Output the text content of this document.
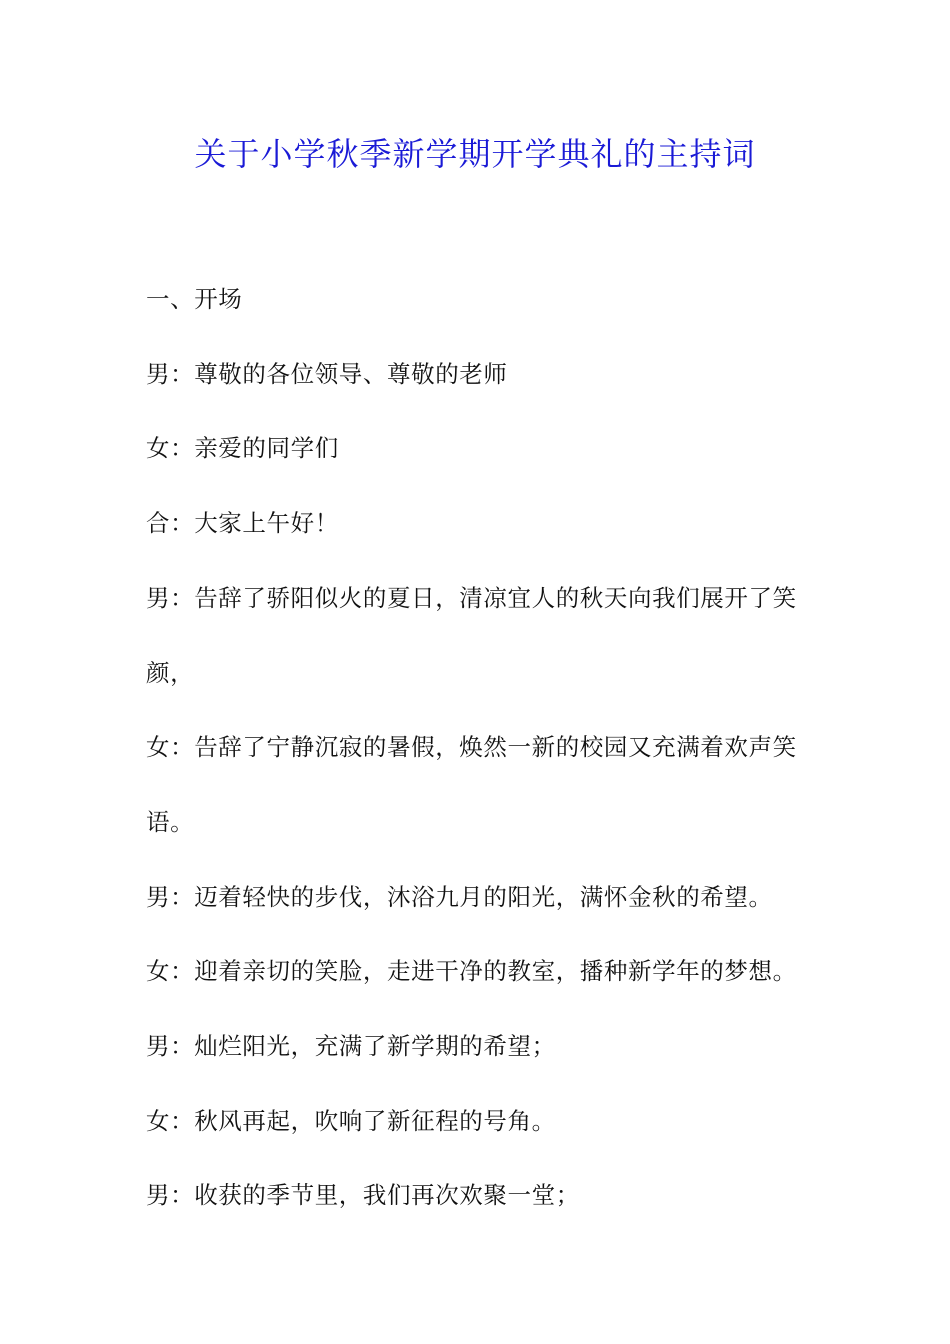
关于小学秋季新学期开学典礼的主持词

一、开场

男：尊敬的各位领导、尊敬的老师

女：亲爱的同学们

合：大家上午好！

男：告辞了骄阳似火的夏日，清凉宜人的秋天向我们展开了笑颜，

女：告辞了宁静沉寂的暑假，焕然一新的校园又充满着欢声笑语。

男：迈着轻快的步伐，沐浴九月的阳光，满怀金秋的希望。

女：迎着亲切的笑脸，走进干净的教室，播种新学年的梦想。

男：灿烂阳光，充满了新学期的希望；

女：秋风再起，吹响了新征程的号角。

男：收获的季节里，我们再次欢聚一堂；
